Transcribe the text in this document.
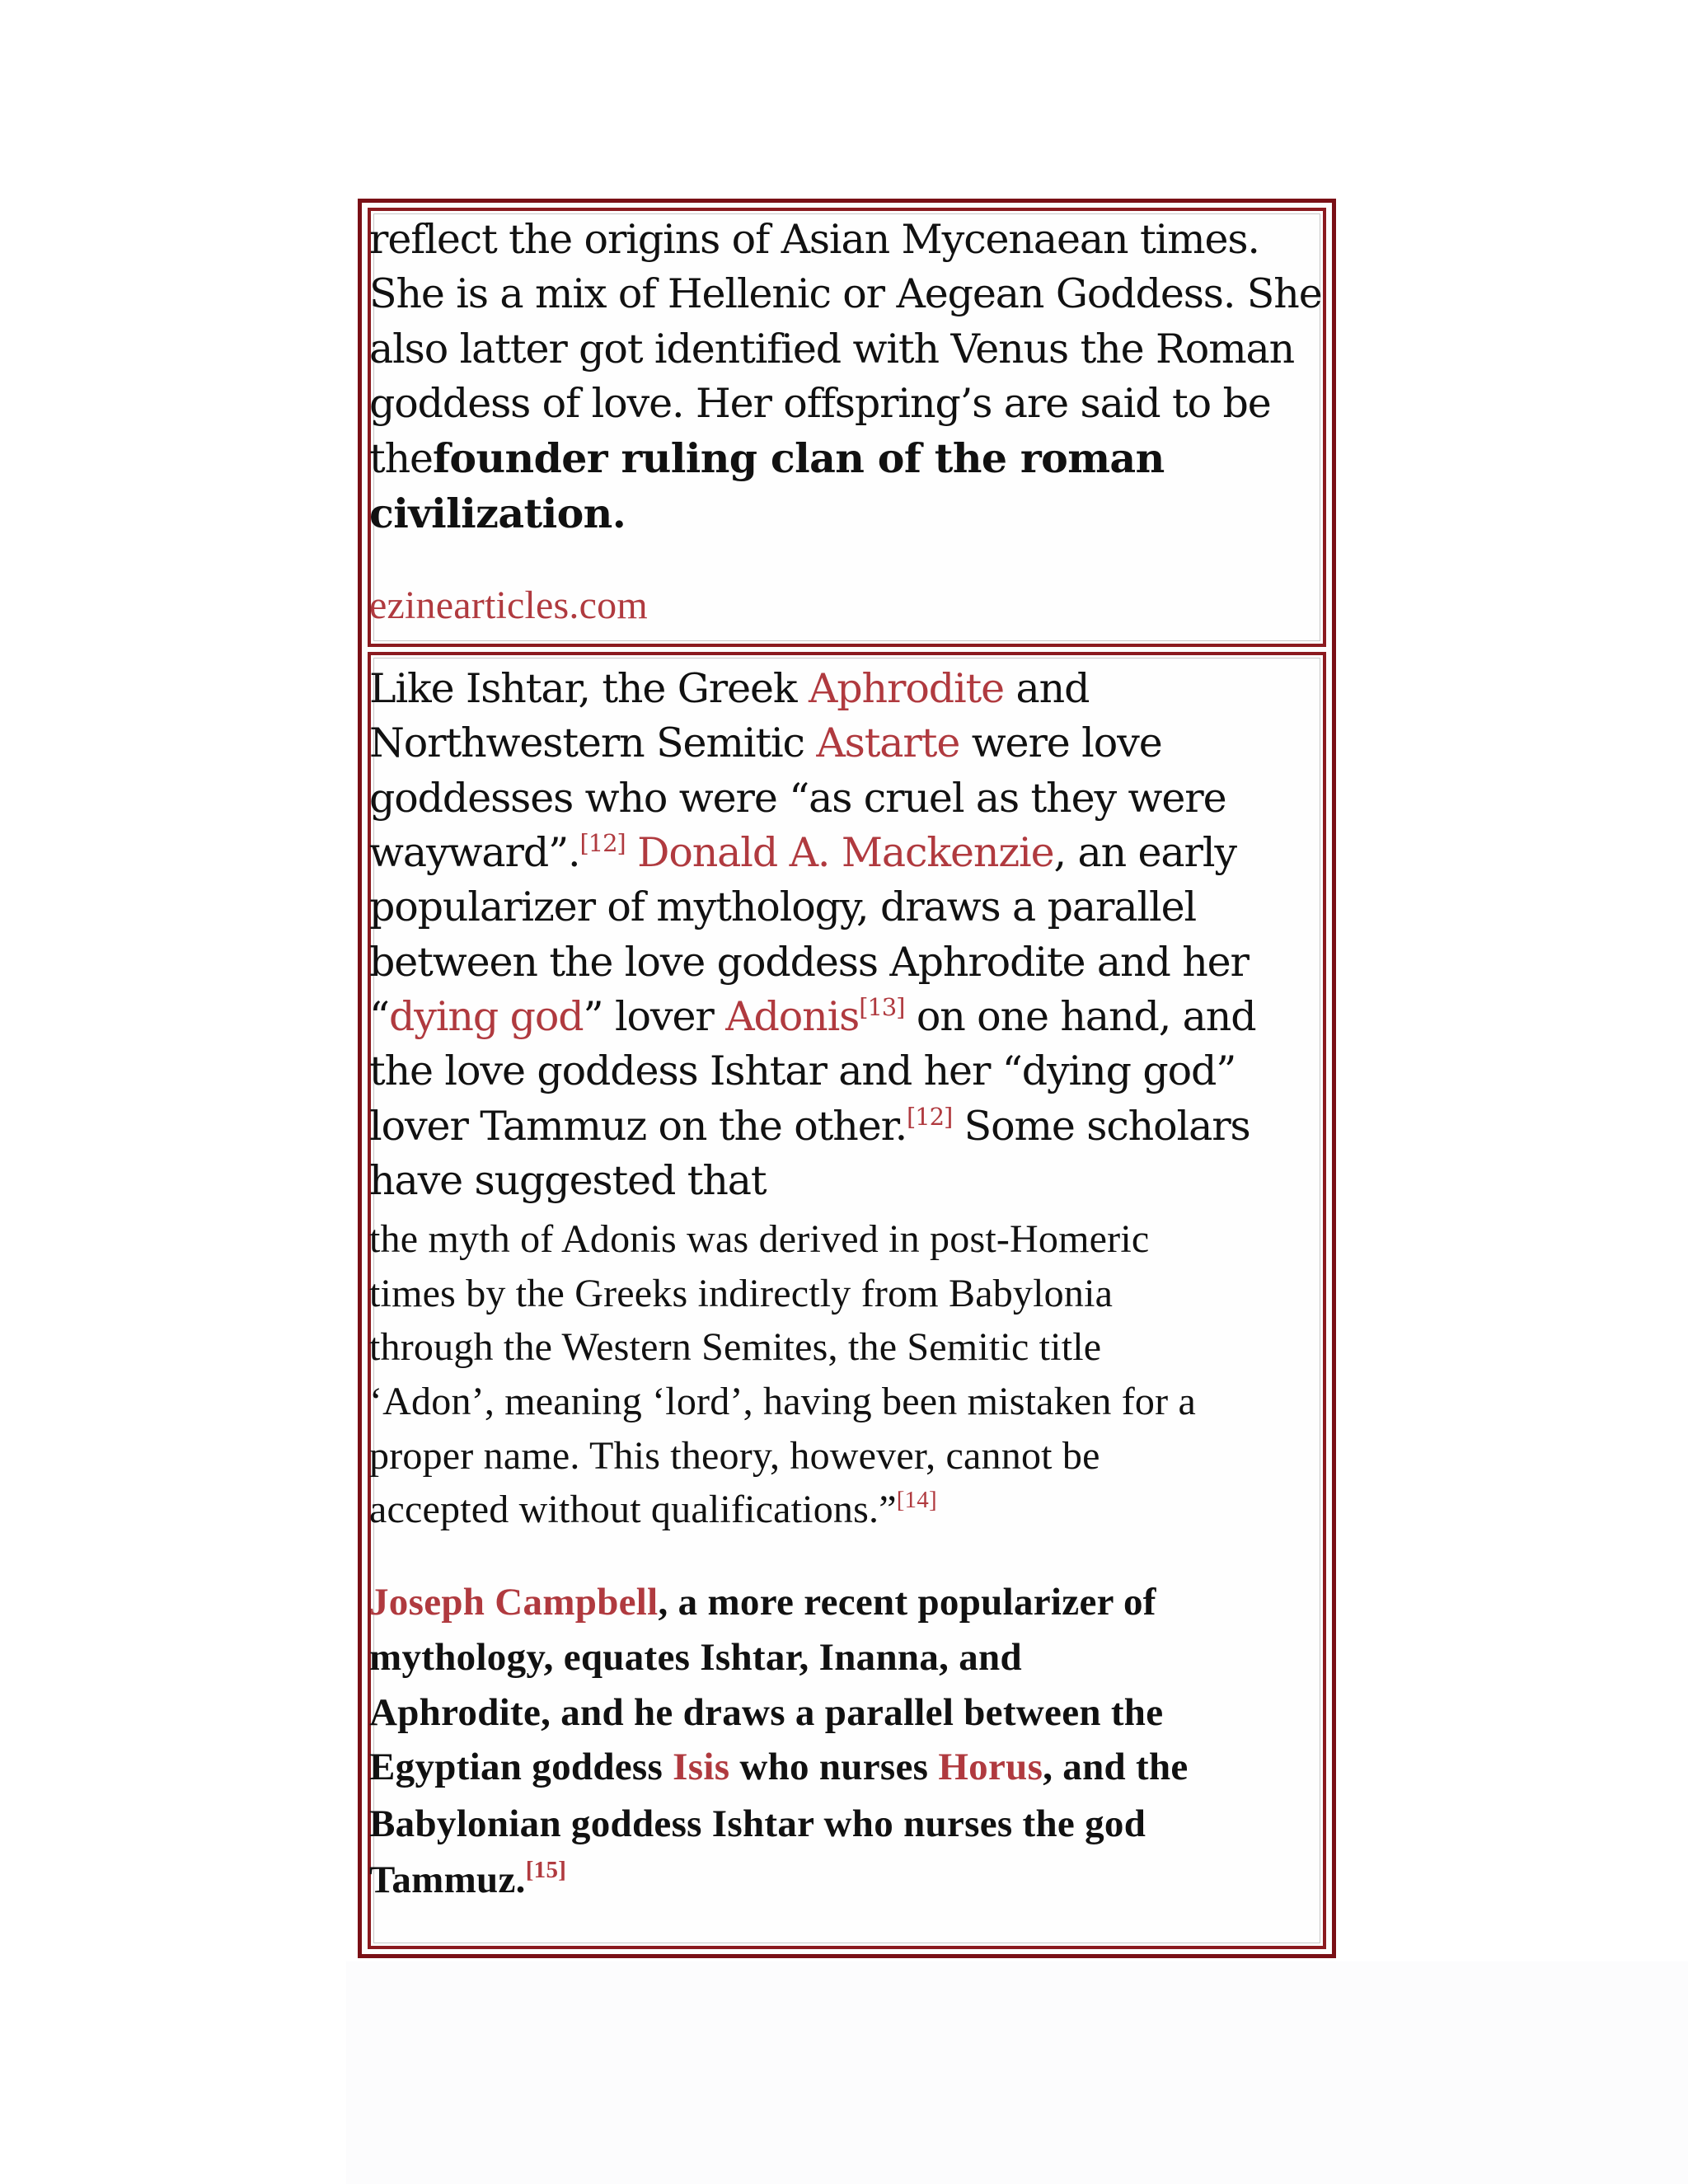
reflect the origins of Asian Mycenaean times.
She is a mix of Hellenic or Aegean Goddess. She
also latter got identified with Venus the Roman
goddess of love. Her offspring’s are said to be
thefounder ruling clan of the roman
civilization.
ezinearticles.com
Like Ishtar, the Greek Aphrodite and
Northwestern Semitic Astarte were love
goddesses who were “as cruel as they were
wayward”.[12] Donald A. Mackenzie, an early
popularizer of mythology, draws a parallel
between the love goddess Aphrodite and her
“dying god” lover Adonis[13] on one hand, and
the love goddess Ishtar and her “dying god”
lover Tammuz on the other.[12] Some scholars
have suggested that
the myth of Adonis was derived in post-Homeric
times by the Greeks indirectly from Babylonia
through the Western Semites, the Semitic title
‘Adon’, meaning ‘lord’, having been mistaken for a
proper name. This theory, however, cannot be
accepted without qualifications.”[14]
Joseph Campbell, a more recent popularizer of
mythology, equates Ishtar, Inanna, and
Aphrodite, and he draws a parallel between the
Egyptian goddess Isis who nurses Horus, and the
Babylonian goddess Ishtar who nurses the god
Tammuz.[15]
